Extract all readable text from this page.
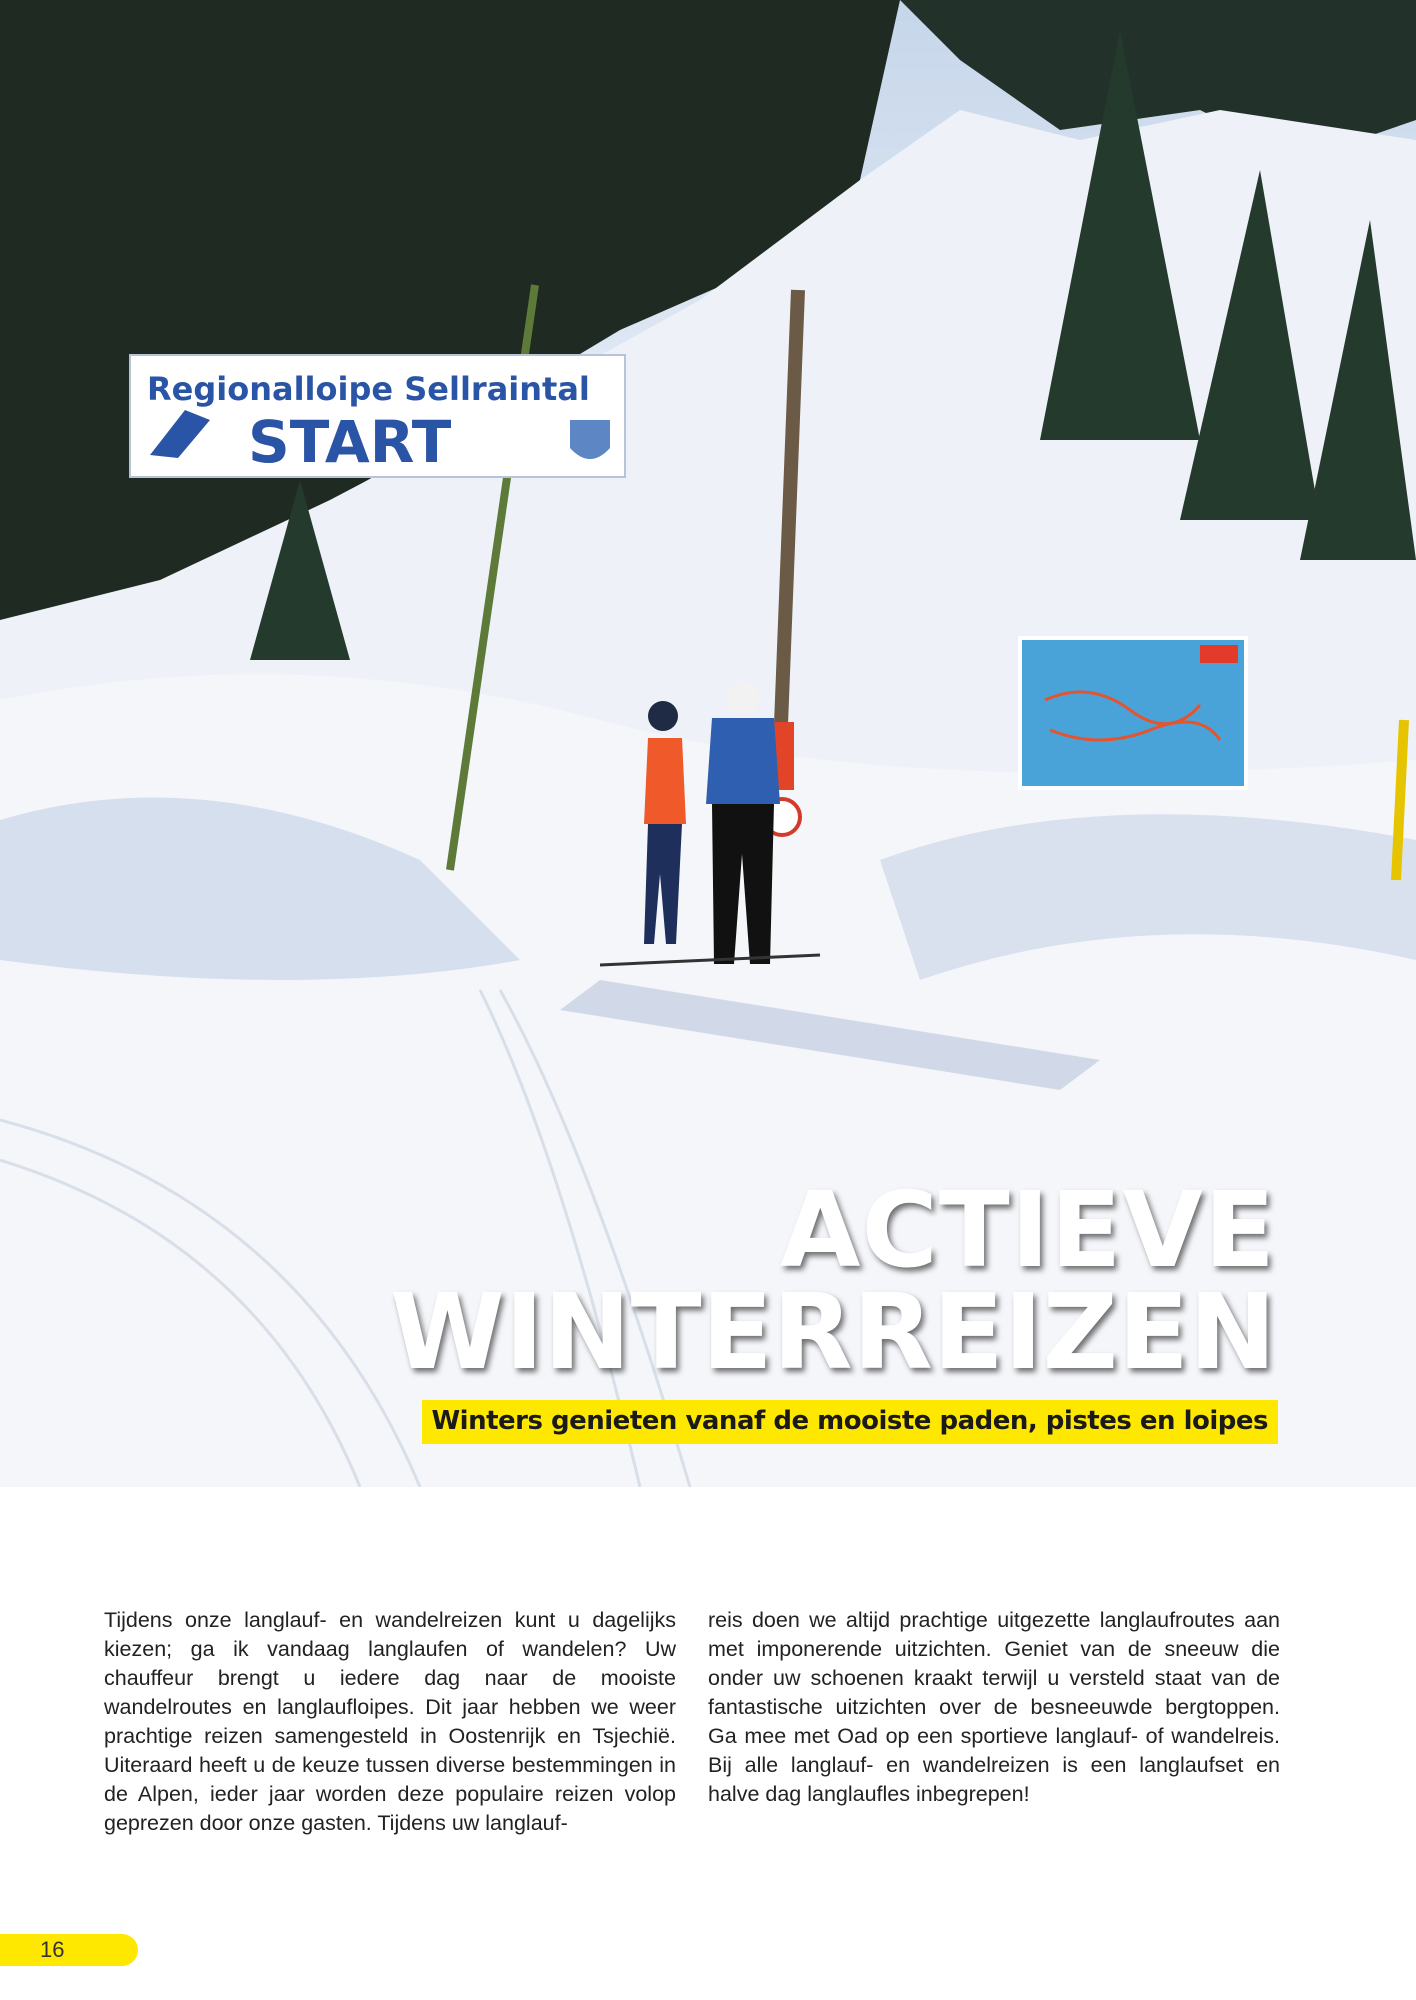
Regionalloipe Sellraintal
START
ACTIEVE
WINTERREIZEN
Winters genieten vanaf de mooiste paden, pistes en loipes

Tijdens onze langlauf- en wandelreizen kunt u dagelijks kiezen; ga ik vandaag langlaufen of wandelen? Uw chauffeur brengt u iedere dag naar de mooiste wandelroutes en langlaufloipes. Dit jaar hebben we weer prachtige reizen samengesteld in Oostenrijk en Tsjechië. Uiteraard heeft u de keuze tussen diverse bestemmingen in de Alpen, ieder jaar worden deze populaire reizen volop geprezen door onze gasten. Tijdens uw langlauf-

reis doen we altijd prachtige uitgezette langlaufroutes aan met imponerende uitzichten. Geniet van de sneeuw die onder uw schoenen kraakt terwijl u versteld staat van de fantastische uitzichten over de besneeuwde bergtoppen. Ga mee met Oad op een sportieve langlauf- of wandelreis. Bij alle langlauf- en wandelreizen is een langlaufset en halve dag langlaufles inbegrepen!

16
